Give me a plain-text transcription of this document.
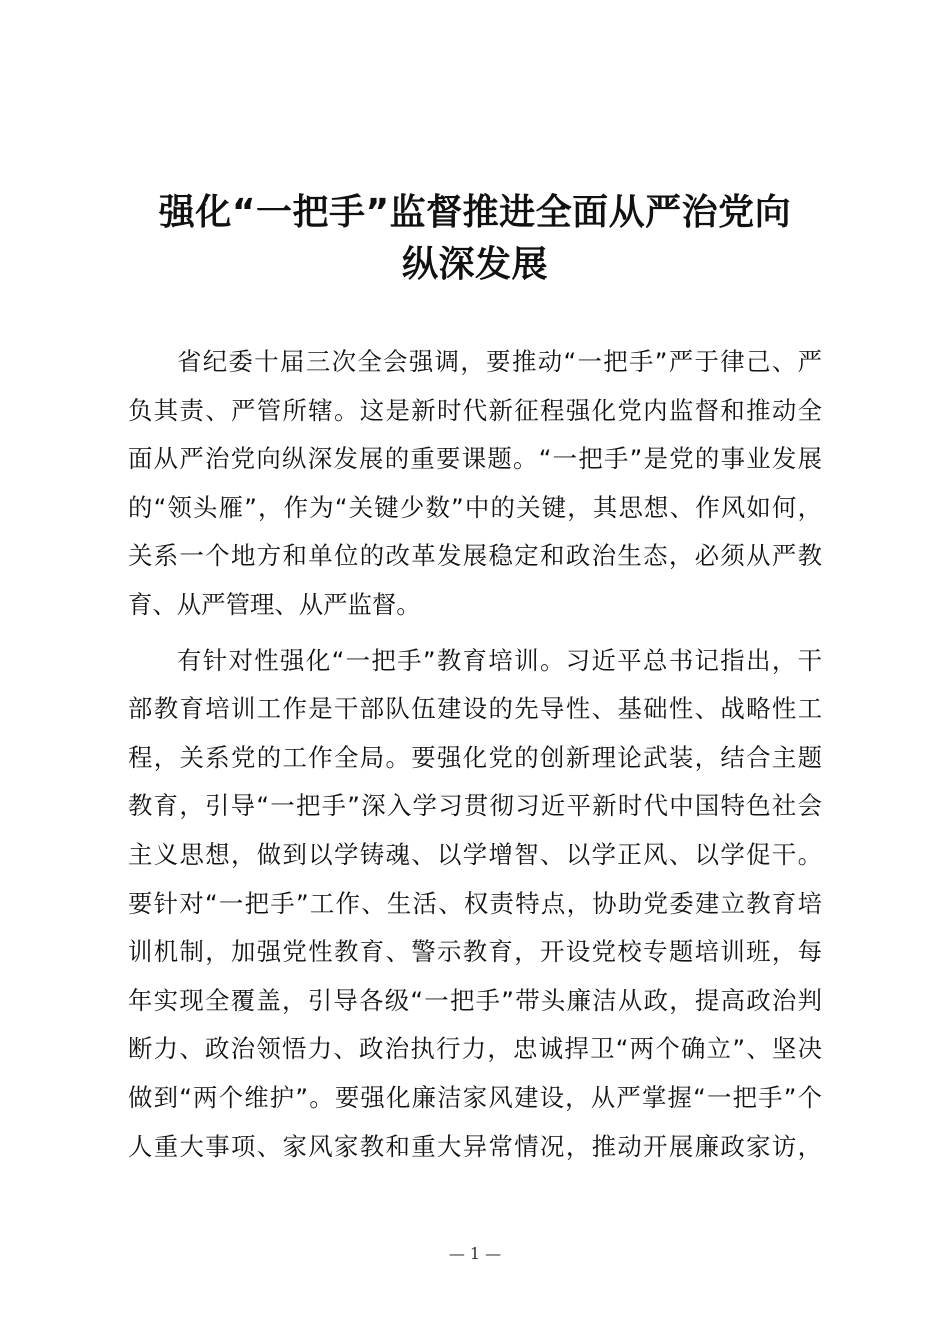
强化“一把手”监督推进全面从严治党向
纵深发展
省纪委十届三次全会强调，要推动“一把手”严于律己、严
负其责、严管所辖。这是新时代新征程强化党内监督和推动全
面从严治党向纵深发展的重要课题。“一把手”是党的事业发展
的“领头雁”，作为“关键少数”中的关键，其思想、作风如何，
关系一个地方和单位的改革发展稳定和政治生态，必须从严教
育、从严管理、从严监督。
有针对性强化“一把手”教育培训。习近平总书记指出，干
部教育培训工作是干部队伍建设的先导性、基础性、战略性工
程，关系党的工作全局。要强化党的创新理论武装，结合主题
教育，引导“一把手”深入学习贯彻习近平新时代中国特色社会
主义思想，做到以学铸魂、以学增智、以学正风、以学促干。
要针对“一把手”工作、生活、权责特点，协助党委建立教育培
训机制，加强党性教育、警示教育，开设党校专题培训班，每
年实现全覆盖，引导各级“一把手”带头廉洁从政，提高政治判
断力、政治领悟力、政治执行力，忠诚捍卫“两个确立”、坚决
做到“两个维护”。要强化廉洁家风建设，从严掌握“一把手”个
人重大事项、家风家教和重大异常情况，推动开展廉政家访，
— 1 —
